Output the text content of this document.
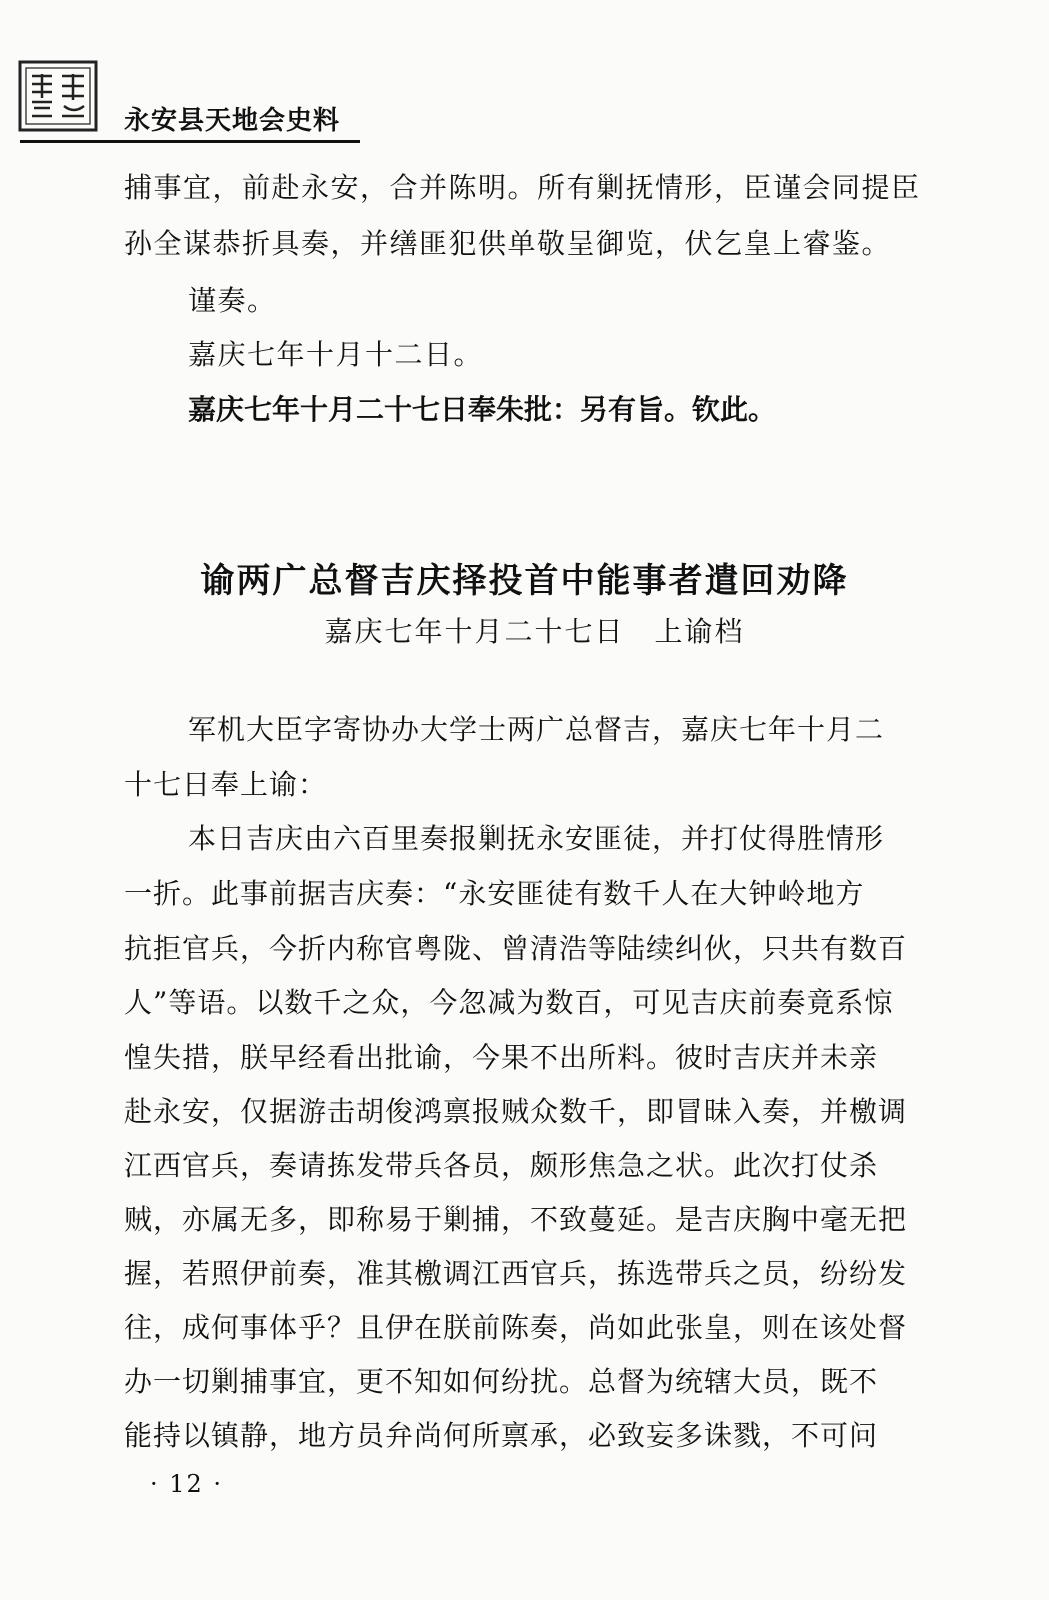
永安县天地会史料
捕事宜，前赴永安，合并陈明。所有剿抚情形，臣谨会同提臣
孙全谋恭折具奏，并缮匪犯供单敬呈御览，伏乞皇上睿鉴。
谨奏。
嘉庆七年十月十二日。
嘉庆七年十月二十七日奉朱批：另有旨。钦此。
谕两广总督吉庆择投首中能事者遣回劝降
嘉庆七年十月二十七日　上谕档
军机大臣字寄协办大学士两广总督吉，嘉庆七年十月二
十七日奉上谕：
本日吉庆由六百里奏报剿抚永安匪徒，并打仗得胜情形
一折。此事前据吉庆奏：“永安匪徒有数千人在大钟岭地方
抗拒官兵，今折内称官粤陇、曾清浩等陆续纠伙，只共有数百
人”等语。以数千之众，今忽减为数百，可见吉庆前奏竟系惊
惶失措，朕早经看出批谕，今果不出所料。彼时吉庆并未亲
赴永安，仅据游击胡俊鸿禀报贼众数千，即冒昧入奏，并檄调
江西官兵，奏请拣发带兵各员，颇形焦急之状。此次打仗杀
贼，亦属无多，即称易于剿捕，不致蔓延。是吉庆胸中毫无把
握，若照伊前奏，准其檄调江西官兵，拣选带兵之员，纷纷发
往，成何事体乎？且伊在朕前陈奏，尚如此张皇，则在该处督
办一切剿捕事宜，更不知如何纷扰。总督为统辖大员，既不
能持以镇静，地方员弁尚何所禀承，必致妄多诛戮，不可问
· 12 ·
